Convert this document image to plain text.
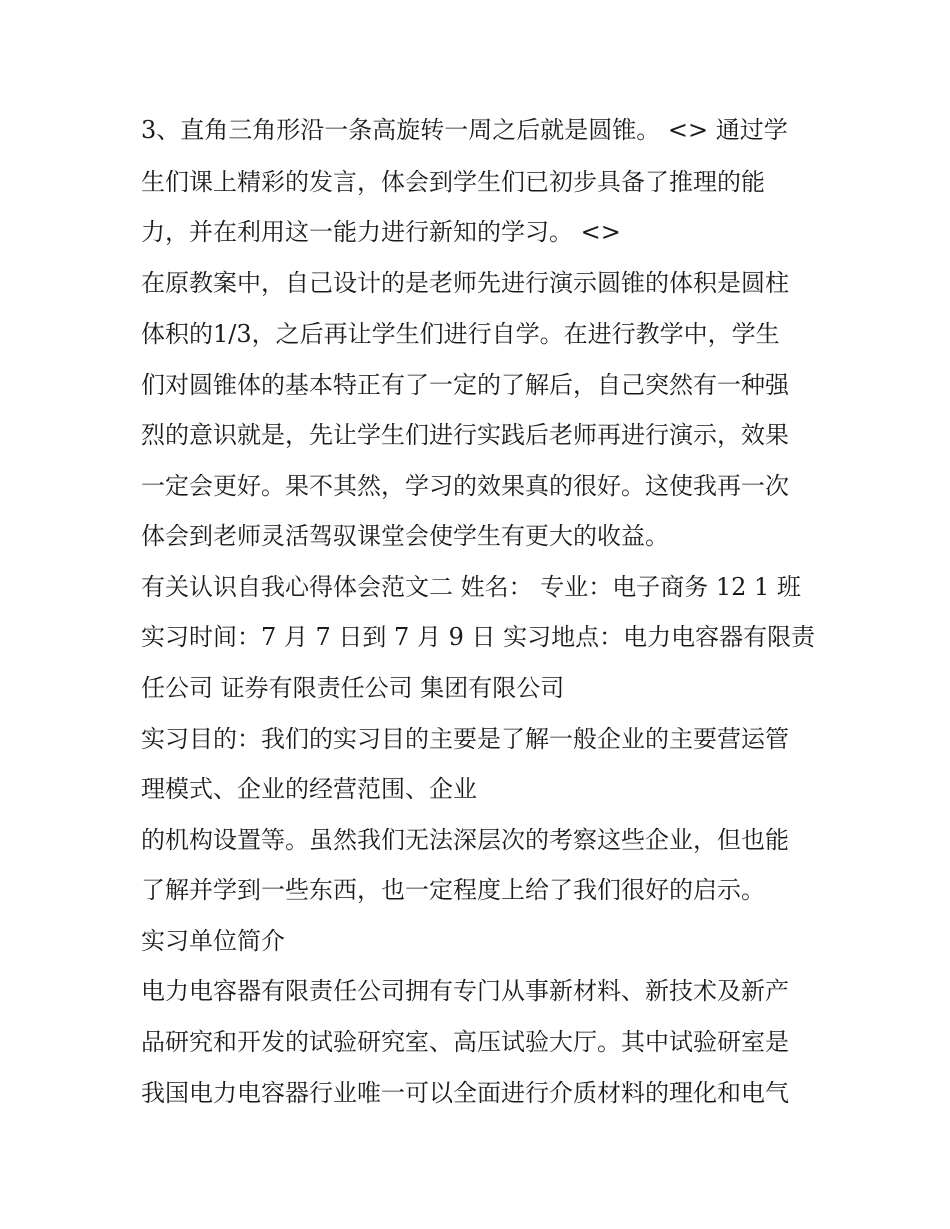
3、直角三角形沿一条高旋转一周之后就是圆锥。 <> 通过学
生们课上精彩的发言，体会到学生们已初步具备了推理的能
力，并在利用这一能力进行新知的学习。 <>
在原教案中，自己设计的是老师先进行演示圆锥的体积是圆柱
体积的1/3，之后再让学生们进行自学。在进行教学中，学生
们对圆锥体的基本特正有了一定的了解后，自己突然有一种强
烈的意识就是，先让学生们进行实践后老师再进行演示，效果
一定会更好。果不其然，学习的效果真的很好。这使我再一次
体会到老师灵活驾驭课堂会使学生有更大的收益。
有关认识自我心得体会范文二 姓名： 专业：电子商务 12 1 班
实习时间：7 月 7 日到 7 月 9 日 实习地点：电力电容器有限责
任公司 证券有限责任公司 集团有限公司
实习目的：我们的实习目的主要是了解一般企业的主要营运管
理模式、企业的经营范围、企业
的机构设置等。虽然我们无法深层次的考察这些企业，但也能
了解并学到一些东西，也一定程度上给了我们很好的启示。
实习单位简介
电力电容器有限责任公司拥有专门从事新材料、新技术及新产
品研究和开发的试验研究室、高压试验大厅。其中试验研室是
我国电力电容器行业唯一可以全面进行介质材料的理化和电气
